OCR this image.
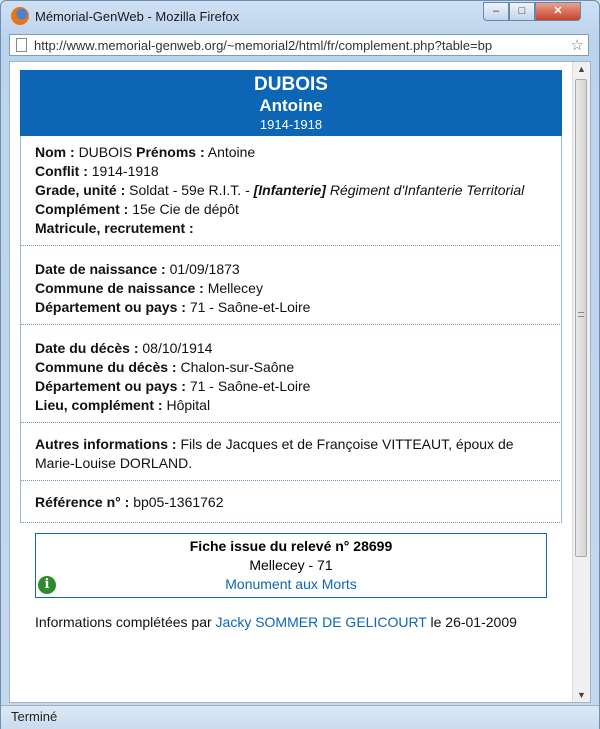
Mémorial-GenWeb - Mozilla Firefox	–	□	✕
http://www.memorial-genweb.org/~memorial2/html/fr/complement.php?table=bp	☆
DUBOIS
Antoine
1914-1918
Nom : DUBOIS Prénoms : Antoine
Conflit : 1914-1918
Grade, unité : Soldat - 59e R.I.T. - [Infanterie] Régiment d'Infanterie Territorial
Complément : 15e Cie de dépôt
Matricule, recrutement :
Date de naissance : 01/09/1873
Commune de naissance : Mellecey
Département ou pays : 71 - Saône-et-Loire
Date du décès : 08/10/1914
Commune du décès : Chalon-sur-Saône
Département ou pays : 71 - Saône-et-Loire
Lieu, complément : Hôpital
Autres informations : Fils de Jacques et de Françoise VITTEAUT, époux de Marie-Louise DORLAND.
Référence n° : bp05-1361762
Fiche issue du relevé n° 28699
Mellecey - 71
Monument aux Morts
i
Informations complétées par Jacky SOMMER DE GELICOURT le 26-01-2009
▲
▼
Terminé
